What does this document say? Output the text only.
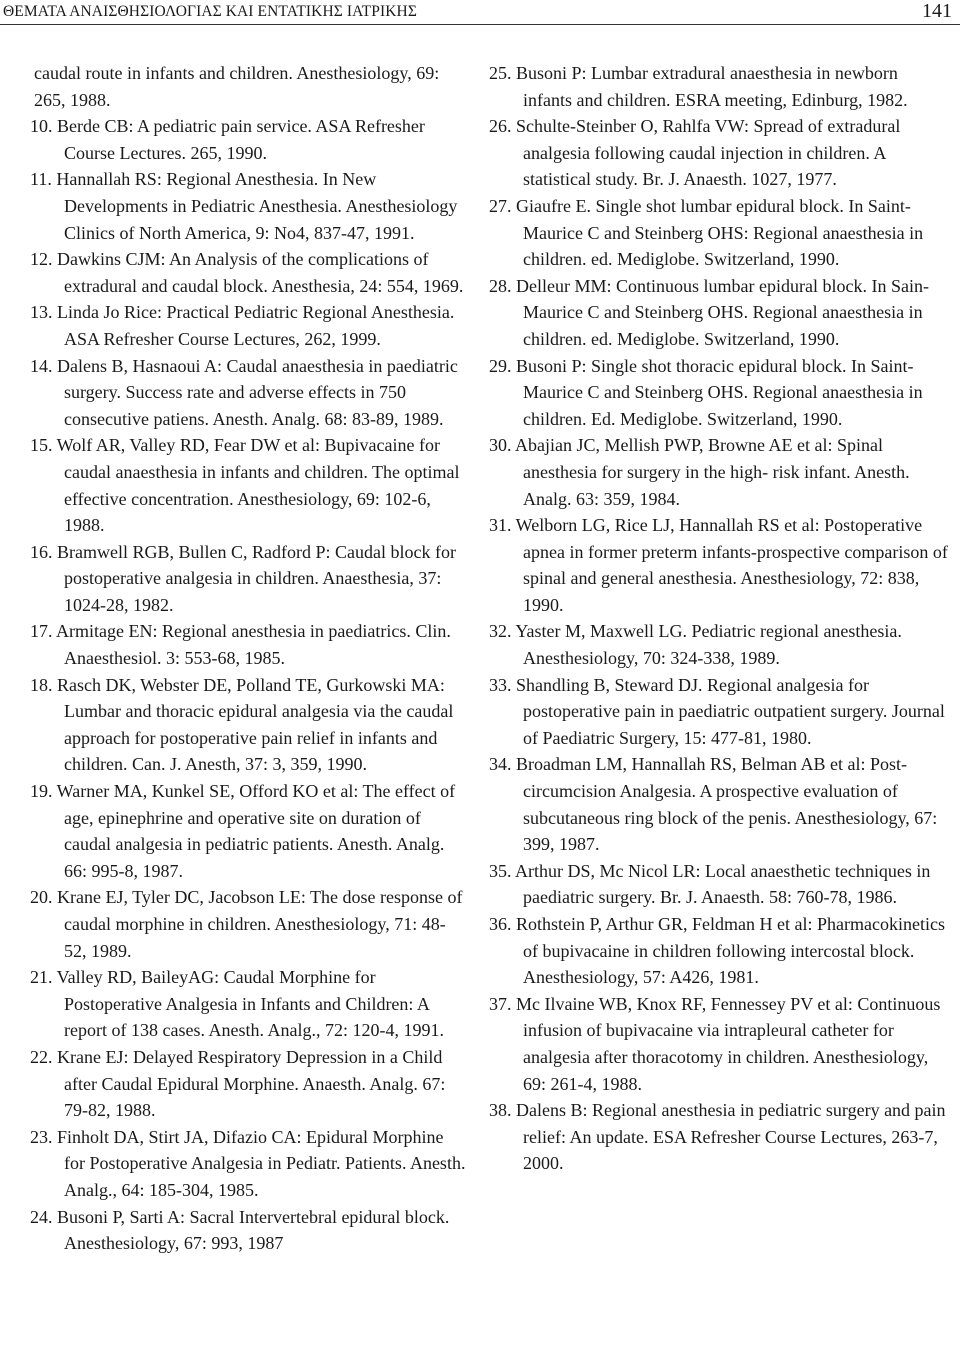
ΘΕΜΑΤΑ ΑΝΑΙΣΘΗΣΙΟΛΟΓΙΑΣ ΚΑΙ ΕΝΤΑΤΙΚΗΣ ΙΑΤΡΙΚΗΣ	141

caudal route in infants and children. Anesthesiology, 69: 265, 1988.

10. Berde CB: A pediatric pain service. ASA Refresher Course Lectures. 265, 1990.

11. Hannallah RS: Regional Anesthesia. In New Developments in Pediatric Anesthesia. Anesthesiology Clinics of North America, 9: No4, 837-47, 1991.

12. Dawkins CJM: An Analysis of the complications of extradural and caudal block. Anesthesia, 24: 554, 1969.

13. Linda Jo Rice: Practical Pediatric Regional Anesthesia. ASA Refresher Course Lectures, 262, 1999.

14. Dalens B, Hasnaoui A: Caudal anaesthesia in paediatric surgery. Success rate and adverse effects in 750 consecutive patiens. Anesth. Analg. 68: 83-89, 1989.

15. Wolf AR, Valley RD, Fear DW et al: Bupivacaine for caudal anaesthesia in infants and children. The optimal effective concentration. Anesthesiology, 69: 102-6, 1988.

16. Bramwell RGB, Bullen C, Radford P: Caudal block for postoperative analgesia in children. Anaesthesia, 37: 1024-28, 1982.

17. Armitage EN: Regional anesthesia in paediatrics. Clin. Anaesthesiol. 3: 553-68, 1985.

18. Rasch DK, Webster DE, Polland TE, Gurkowski MA: Lumbar and thoracic epidural analgesia via the caudal approach for postoperative pain relief in infants and children. Can. J. Anesth, 37: 3, 359, 1990.

19. Warner MA, Kunkel SE, Offord KO et al: The effect of age, epinephrine and operative site on duration of caudal analgesia in pediatric patients. Anesth. Analg. 66: 995-8, 1987.

20. Krane EJ, Tyler DC, Jacobson LE: The dose response of caudal morphine in children. Anesthesiology, 71: 48-52, 1989.

21. Valley RD, BaileyAG: Caudal Morphine for Postoperative Analgesia in Infants and Children: A report of 138 cases. Anesth. Analg., 72: 120-4, 1991.

22. Krane EJ: Delayed Respiratory Depression in a Child after Caudal Epidural Morphine. Anaesth. Analg. 67: 79-82, 1988.

23. Finholt DA, Stirt JA, Difazio CA: Epidural Morphine for Postoperative Analgesia in Pediatr. Patients. Anesth. Analg., 64: 185-304, 1985.

24. Busoni P, Sarti A: Sacral Intervertebral epidural block. Anesthesiology, 67: 993, 1987

25. Busoni P: Lumbar extradural anaesthesia in newborn infants and children. ESRA meeting, Edinburg, 1982.

26. Schulte-Steinber O, Rahlfa VW: Spread of extradural analgesia following caudal injection in children. A statistical study. Br. J. Anaesth. 1027, 1977.

27. Giaufre E. Single shot lumbar epidural block. In Saint-Maurice C and Steinberg OHS: Regional anaesthesia in children. ed. Mediglobe. Switzerland, 1990.

28. Delleur MM: Continuous lumbar epidural block. In Sain-Maurice C and Steinberg OHS. Regional anaesthesia in children. ed. Mediglobe. Switzerland, 1990.

29. Busoni P: Single shot thoracic epidural block. In Saint-Maurice C and Steinberg OHS. Regional anaesthesia in children. Ed. Mediglobe. Switzerland, 1990.

30. Abajian JC, Mellish PWP, Browne AE et al: Spinal anesthesia for surgery in the high- risk infant. Anesth. Analg. 63: 359, 1984.

31. Welborn LG, Rice LJ, Hannallah RS et al: Postoperative apnea in former preterm infants-prospective comparison of spinal and general anesthesia. Anesthesiology, 72: 838, 1990.

32. Yaster M, Maxwell LG. Pediatric regional anesthesia. Anesthesiology, 70: 324-338, 1989.

33. Shandling B, Steward DJ. Regional analgesia for postoperative pain in paediatric outpatient surgery. Journal of Paediatric Surgery, 15: 477-81, 1980.

34. Broadman LM, Hannallah RS, Belman AB et al: Post-circumcision Analgesia. A prospective evaluation of subcutaneous ring block of the penis. Anesthesiology, 67: 399, 1987.

35. Arthur DS, Mc Nicol LR: Local anaesthetic techniques in paediatric surgery. Br. J. Anaesth. 58: 760-78, 1986.

36. Rothstein P, Arthur GR, Feldman H et al: Pharmacokinetics of bupivacaine in children following intercostal block. Anesthesiology, 57: A426, 1981.

37. Mc Ilvaine WB, Knox RF, Fennessey PV et al: Continuous infusion of bupivacaine via intrapleural catheter for analgesia after thoracotomy in children. Anesthesiology, 69: 261-4, 1988.

38. Dalens B: Regional anesthesia in pediatric surgery and pain relief: An update. ESA Refresher Course Lectures, 263-7, 2000.
